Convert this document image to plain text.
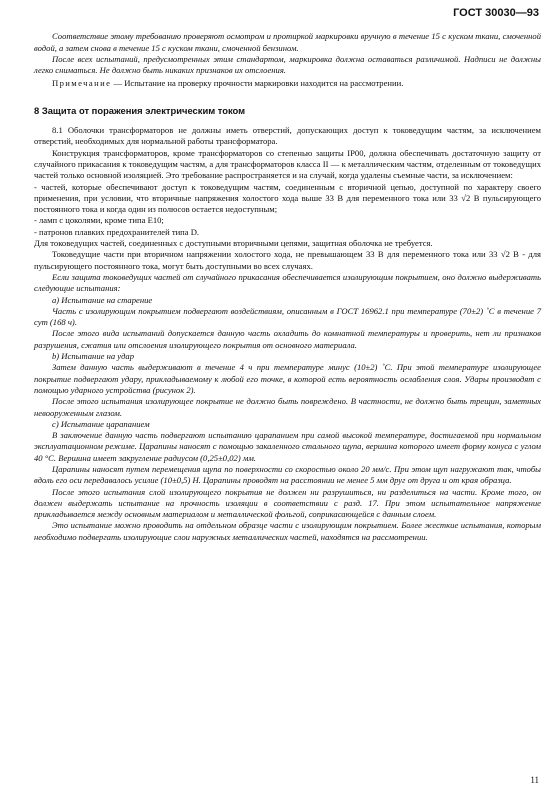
ГОСТ 30030—93

Соответствие этому требованию проверяют осмотром и протиркой маркировки вручную в течение 15 с куском ткани, смоченной водой, а затем снова в течение 15 с куском ткани, смоченной бензином.

После всех испытаний, предусмотренных этим стандартом, маркировка должна оставаться различимой. Надписи не должны легко сниматься. Не должно быть никаких признаков их отслоения.

Примечание — Испытание на проверку прочности маркировки находится на рассмотрении.

8 Защита от поражения электрическим током

8.1 Оболочки трансформаторов не должны иметь отверстий, допускающих доступ к токоведущим частям, за исключением отверстий, необходимых для нормальной работы трансформатора.

Конструкция трансформаторов, кроме трансформаторов со степенью защиты IP00, должна обеспечивать достаточную защиту от случайного прикасания к токоведущим частям, а для трансформаторов класса II — к металлическим частям, отделенным от токоведущих частей только основной изоляцией. Это требование распространяется и на случай, когда удалены съемные части, за исключением:

- частей, которые обеспечивают доступ к токоведущим частям, соединенным с вторичной цепью, доступной по характеру своего применения, при условии, что вторичные напряжения холостого хода выше 33 В для переменного тока или 33 √2 В пульсирующего постоянного тока и когда один из полюсов остается недоступным;

- ламп с цоколями, кроме типа Е10;

- патронов плавких предохранителей типа D.

Для токоведущих частей, соединенных с доступными вторичными цепями, защитная оболочка не требуется.

Токоведущие части при вторичном напряжении холостого хода, не превышающем 33 В для переменного тока или 33 √2 В - для пульсирующего постоянного тока, могут быть доступными во всех случаях.

Если защита токоведущих частей от случайного прикасания обеспечивается изолирующим покрытием, оно должно выдерживать следующие испытания:

а) Испытание на старение

Часть с изолирующим покрытием подвергают воздействиям, описанным в ГОСТ 16962.1 при температуре (70±2) ˚С в течение 7 сут (168 ч).

После этого вида испытаний допускается данную часть охладить до комнатной температуры и проверить, нет ли признаков разрушения, сжатия или отслоения изолирующего покрытия от основного материала.

b) Испытание на удар

Затем данную часть выдерживают в течение 4 ч при температуре минус (10±2) ˚С. При этой температуре изолирующее покрытие подвергают удару, прикладываемому к любой его точке, в которой есть вероятность ослабления слоя. Удары производят с помощью ударного устройства (рисунок 2).

После этого испытания изолирующее покрытие не должно быть повреждено. В частности, не должно быть трещин, заметных невооруженным глазом.

с) Испытание царапанием

В заключение данную часть подвергают испытанию царапанием при самой высокой температуре, достигаемой при нормальном эксплуатационном режиме. Царапины наносят с помощью закаленного стального щупа, вершина которого имеет форму конуса с углом 40 °С. Вершина имеет закругление радиусом (0,25±0,02) мм.

Царапины наносят путем перемещения щупа по поверхности со скоростью около 20 мм/с. При этом щуп нагружают так, чтобы вдоль его оси передавалось усилие (10±0,5) Н. Царапины проводят на расстоянии не менее 5 мм друг от друга и от края образца.

После этого испытания слой изолирующего покрытия не должен ни разрушиться, ни разделиться на части. Кроме того, он должен выдержать испытание на прочность изоляции в соответствии с разд. 17. При этом испытательное напряжение прикладывается между основным материалом и металлической фольгой, соприкасающейся с данным слоем.

Это испытание можно проводить на отдельном образце части с изолирующим покрытием. Более жесткие испытания, которым необходимо подвергать изолирующие слои наружных металлических частей, находятся на рассмотрении.

11
